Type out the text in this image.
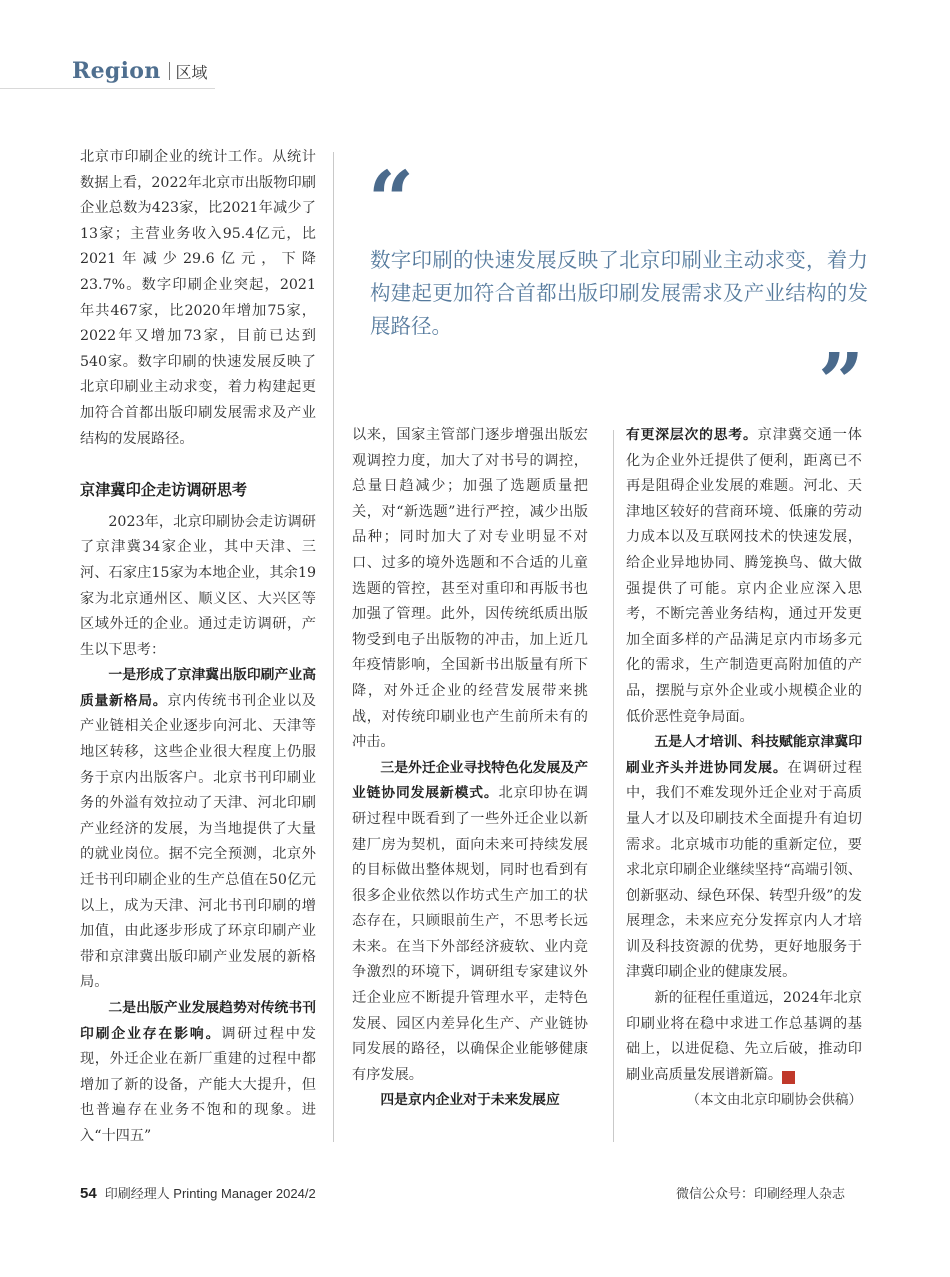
Region 区域

北京市印刷企业的统计工作。从统计数据上看，2022年北京市出版物印刷企业总数为423家，比2021年减少了13家；主营业务收入95.4亿元，比2021年减少29.6亿元，下降23.7%。数字印刷企业突起，2021年共467家，比2020年增加75家，2022年又增加73家，目前已达到540家。数字印刷的快速发展反映了北京印刷业主动求变，着力构建起更加符合首都出版印刷发展需求及产业结构的发展路径。

京津冀印企走访调研思考

2023年，北京印刷协会走访调研了京津冀34家企业，其中天津、三河、石家庄15家为本地企业，其余19家为北京通州区、顺义区、大兴区等区域外迁的企业。通过走访调研，产生以下思考：

一是形成了京津冀出版印刷产业高质量新格局。京内传统书刊企业以及产业链相关企业逐步向河北、天津等地区转移，这些企业很大程度上仍服务于京内出版客户。北京书刊印刷业务的外溢有效拉动了天津、河北印刷产业经济的发展，为当地提供了大量的就业岗位。据不完全预测，北京外迁书刊印刷企业的生产总值在50亿元以上，成为天津、河北书刊印刷的增加值，由此逐步形成了环京印刷产业带和京津冀出版印刷产业发展的新格局。

二是出版产业发展趋势对传统书刊印刷企业存在影响。调研过程中发现，外迁企业在新厂重建的过程中都增加了新的设备，产能大大提升，但也普遍存在业务不饱和的现象。进入“十四五”

“
数字印刷的快速发展反映了北京印刷业主动求变，着力构建起更加符合首都出版印刷发展需求及产业结构的发展路径。
”

以来，国家主管部门逐步增强出版宏观调控力度，加大了对书号的调控，总量日趋减少；加强了选题质量把关，对“新选题”进行严控，减少出版品种；同时加大了对专业明显不对口、过多的境外选题和不合适的儿童选题的管控，甚至对重印和再版书也加强了管理。此外，因传统纸质出版物受到电子出版物的冲击，加上近几年疫情影响，全国新书出版量有所下降，对外迁企业的经营发展带来挑战，对传统印刷业也产生前所未有的冲击。

三是外迁企业寻找特色化发展及产业链协同发展新模式。北京印协在调研过程中既看到了一些外迁企业以新建厂房为契机，面向未来可持续发展的目标做出整体规划，同时也看到有很多企业依然以作坊式生产加工的状态存在，只顾眼前生产，不思考长远未来。在当下外部经济疲软、业内竞争激烈的环境下，调研组专家建议外迁企业应不断提升管理水平，走特色发展、园区内差异化生产、产业链协同发展的路径，以确保企业能够健康有序发展。

四是京内企业对于未来发展应

有更深层次的思考。京津冀交通一体化为企业外迁提供了便利，距离已不再是阻碍企业发展的难题。河北、天津地区较好的营商环境、低廉的劳动力成本以及互联网技术的快速发展，给企业异地协同、腾笼换鸟、做大做强提供了可能。京内企业应深入思考，不断完善业务结构，通过开发更加全面多样的产品满足京内市场多元化的需求，生产制造更高附加值的产品，摆脱与京外企业或小规模企业的低价恶性竞争局面。

五是人才培训、科技赋能京津冀印刷业齐头并进协同发展。在调研过程中，我们不难发现外迁企业对于高质量人才以及印刷技术全面提升有迫切需求。北京城市功能的重新定位，要求北京印刷企业继续坚持“高端引领、创新驱动、绿色环保、转型升级”的发展理念，未来应充分发挥京内人才培训及科技资源的优势，更好地服务于津冀印刷企业的健康发展。

新的征程任重道远，2024年北京印刷业将在稳中求进工作总基调的基础上，以进促稳、先立后破，推动印刷业高质量发展谱新篇。	人

（本文由北京印刷协会供稿）

54 印刷经理人 Printing Manager 2024/2	微信公众号：印刷经理人杂志
